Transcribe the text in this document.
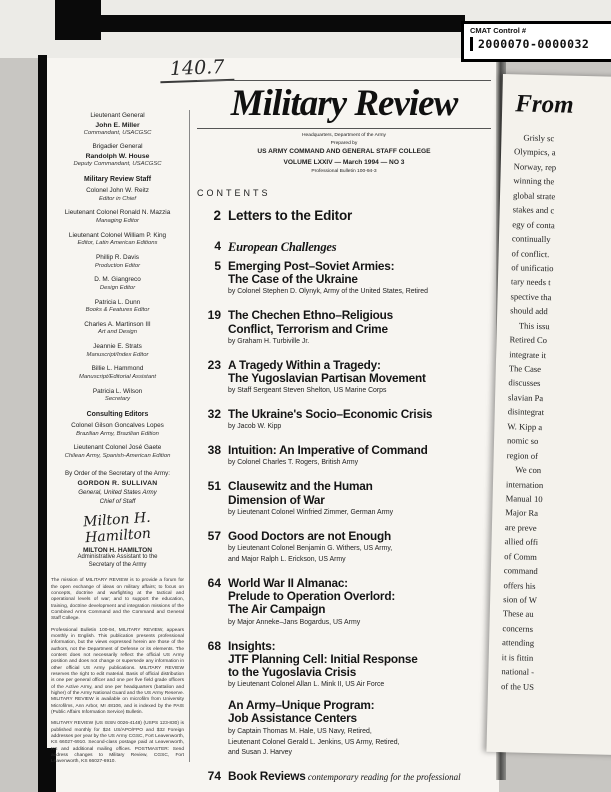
From
Grisly sc
Olympics, a
Norway, rep
winning the
global strate
stakes and c
egy of conta
continually
of conflict.
of unificatio
tary needs t
spective tha
should add
This issu
Retired Co
integrate it
The Case
discusses
slavian Pa
disintegrat
W. Kipp a
nomic so
region of
We con
internation
Manual 10
Major Ra
are preve
allied offi
of Comm
command
offers his
sion of W
These au
concerns
attending
it is fittin
national -
of the US
CMAT Control #
2000070-0000032
140.7
Lieutenant General
John E. Miller
Commandant, USACGSC
Brigadier General
Randolph W. House
Deputy Commandant, USACGSC
Military Review Staff
Colonel John W. Reitz
Editor in Chief
Lieutenant Colonel Ronald N. Mazzia
Managing Editor
Lieutenant Colonel William P. King
Editor, Latin American Editions
Phillip R. Davis
Production Editor
D. M. Giangreco
Design Editor
Patricia L. Dunn
Books & Features Editor
Charles A. Martinson III
Art and Design
Jeannie E. Strats
Manuscript/Index Editor
Billie L. Hammond
Manuscript/Editorial Assistant
Patricia L. Wilson
Secretary
Consulting Editors
Colonel Gilson Goncalves Lopes
Brazilian Army, Brazilian Edition
Lieutenant Colonel José Gaete
Chilean Army, Spanish-American Edition
By Order of the Secretary of the Army:
GORDON R. SULLIVAN
General, United States Army
Chief of Staff
Milton H. Hamilton
MILTON H. HAMILTON
Administrative Assistant to the
Secretary of the Army

The mission of MILITARY REVIEW is to provide a forum for the open exchange of ideas on military affairs; to focus on concepts, doctrine and warfighting at the tactical and operational levels of war; and to support the education, training, doctrine development and integration missions of the Combined Arms Command and the Command and General Staff College.

Professional Bulletin 100-94, MILITARY REVIEW, appears monthly in English. This publication presents professional information, but the views expressed herein are those of the authors, not the Department of Defense or its elements. The content does not necessarily reflect the official US Army position and does not change or supersede any information in other official US Army publications. MILITARY REVIEW reserves the right to edit material. Basis of official distribution is one per general officer and one per five field grade officers of the Active Army, and one per headquarters (battalion and higher) of the Army National Guard and the US Army Reserve. MILITARY REVIEW is available on microfilm from University Microfilms, Ann Arbor, MI 48106, and is indexed by the PAIS (Public Affairs Information Service) Bulletin.

MILITARY REVIEW (US ISSN 0026-4148) (USPS 123-830) is published monthly for $24 US/APO/FPO and $32 Foreign addresses per year by the US Army CGSC, Fort Leavenworth, KS 66027-6910. Second-class postage paid at Leavenworth, KS and additional mailing offices. POSTMASTER: Send address changes to Military Review, CGSC, Fort Leavenworth, KS 66027-6910.

Military Review
Headquarters, Department of the Army
Prepared by
US ARMY COMMAND AND GENERAL STAFF COLLEGE
VOLUME LXXIV — March 1994 — NO 3
Professional Bulletin 100-94-3
CONTENTS
2 Letters to the Editor
4 European Challenges
5 Emerging Post–Soviet Armies:
The Case of the Ukraine
by Colonel Stephen D. Olynyk, Army of the United States, Retired
19 The Chechen Ethno–Religious
Conflict, Terrorism and Crime
by Graham H. Turbiville Jr.
23 A Tragedy Within a Tragedy:
The Yugoslavian Partisan Movement
by Staff Sergeant Steven Shelton, US Marine Corps
32 The Ukraine's Socio–Economic Crisis
by Jacob W. Kipp
38 Intuition: An Imperative of Command
by Colonel Charles T. Rogers, British Army
51 Clausewitz and the Human
Dimension of War
by Lieutenant Colonel Winfried Zimmer, German Army
57 Good Doctors are not Enough
by Lieutenant Colonel Benjamin G. Withers, US Army,
and Major Ralph L. Erickson, US Army
64 World War II Almanac:
Prelude to Operation Overlord:
The Air Campaign
by Major Anneke–Jans Bogardus, US Army
68 Insights:
JTF Planning Cell: Initial Response
to the Yugoslavia Crisis
by Lieutenant Colonel Allan L. Mink II, US Air Force
An Army–Unique Program:
Job Assistance Centers
by Captain Thomas M. Hale, US Navy, Retired,
Lieutenant Colonel Gerald L. Jenkins, US Army, Retired,
and Susan J. Harvey
74 Book Reviews contemporary reading for the professional
